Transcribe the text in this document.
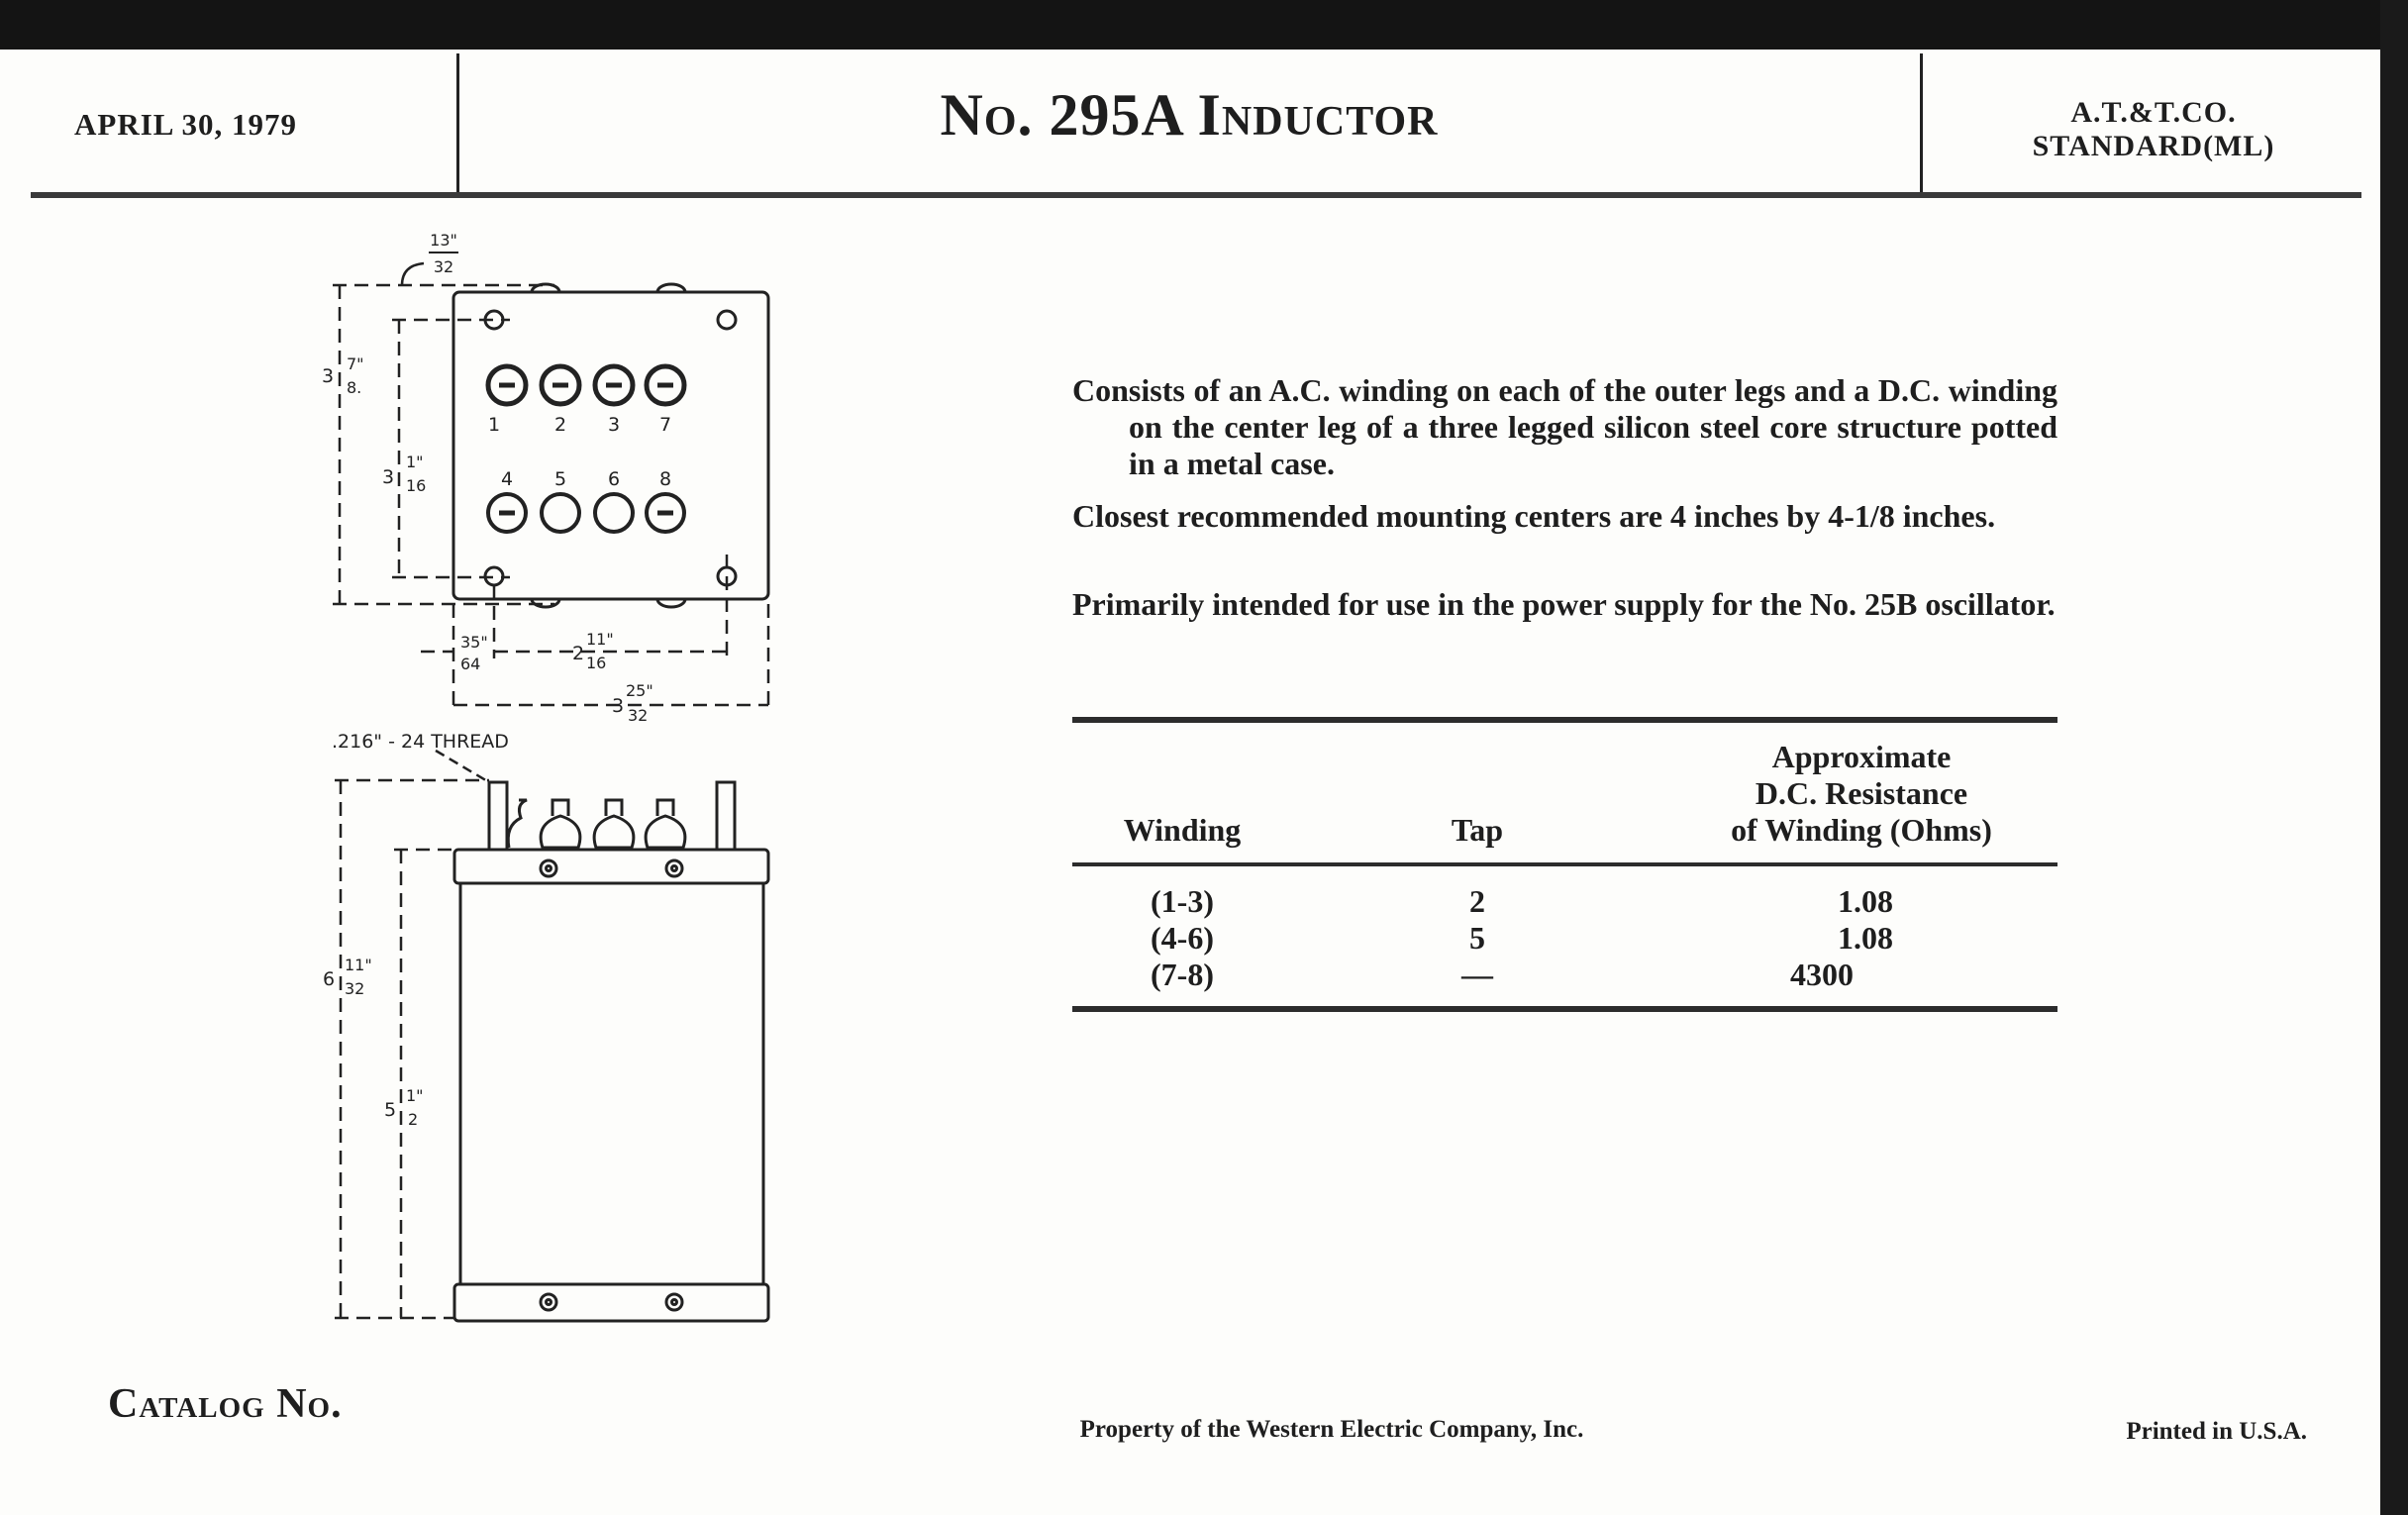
APRIL 30, 1979	No. 295A Inductor	A.T.&T.CO.
STANDARD(ML)
Consists of an A.C. winding on each of the outer legs and a D.C. winding on the center leg of a three legged silicon steel core structure potted in a metal case.
Closest recommended mounting centers are 4 inches by 4-1/8 inches.
Primarily intended for use in the power supply for the No. 25B oscillator.
Winding	Tap
Approximate
D.C. Resistance
of Winding (Ohms)
(1-3)	2	1.08
(4-6)	5	1.08
(7-8)	—	4300
1	2 3 7
4 5 6 8
13"
32
3
7"
8.
3
1"
16
35"
64	2
11"
16
3
25"
32
.216" - 24 THREAD
6
11"
32
5
1"
2
Catalog No.
Property of the Western Electric Company, Inc.	Printed in U.S.A.
